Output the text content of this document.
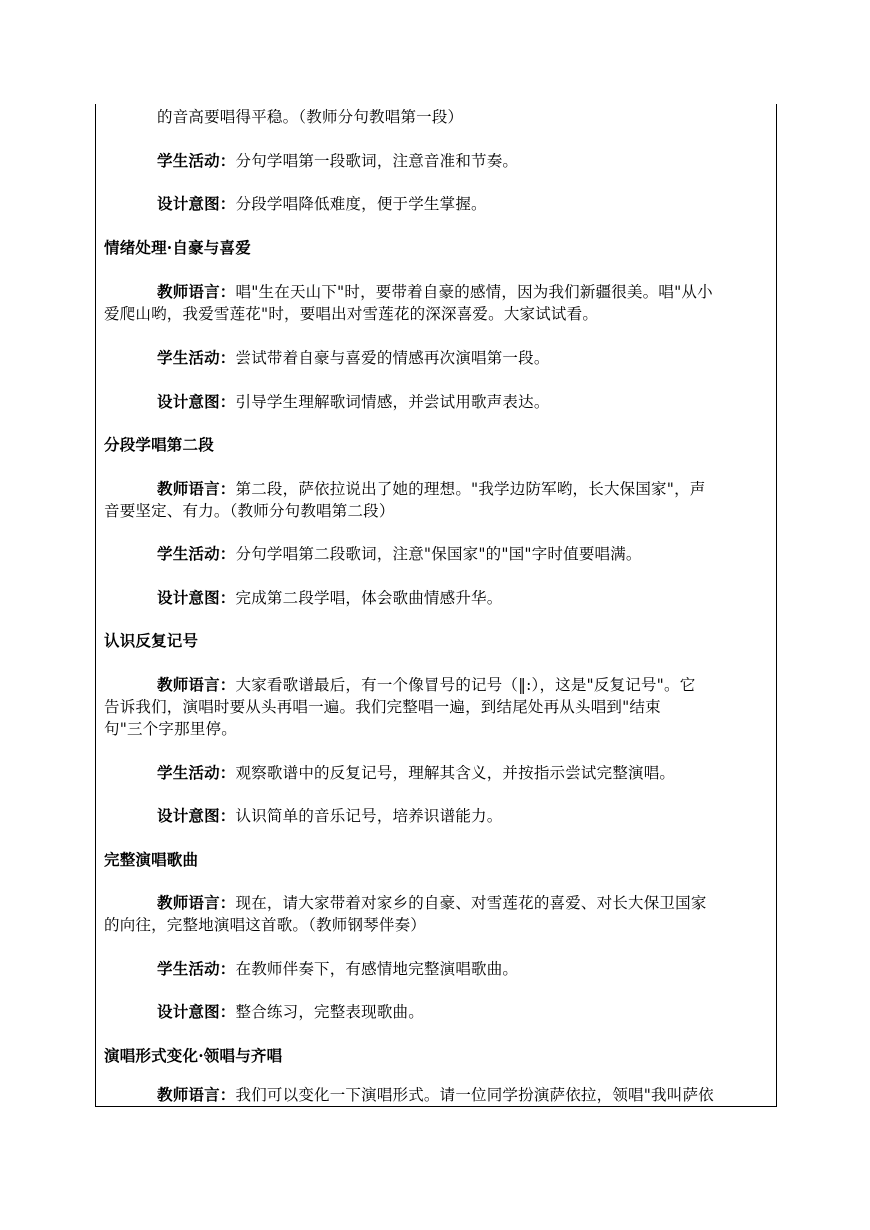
的音高要唱得平稳。（教师分句教唱第一段）
学生活动：分句学唱第一段歌词，注意音准和节奏。
设计意图：分段学唱降低难度，便于学生掌握。
情绪处理·自豪与喜爱
教师语言：唱"生在天山下"时，要带着自豪的感情，因为我们新疆很美。唱"从小
爱爬山哟，我爱雪莲花"时，要唱出对雪莲花的深深喜爱。大家试试看。
学生活动：尝试带着自豪与喜爱的情感再次演唱第一段。
设计意图：引导学生理解歌词情感，并尝试用歌声表达。
分段学唱第二段
教师语言：第二段，萨依拉说出了她的理想。"我学边防军哟，长大保国家"，声
音要坚定、有力。（教师分句教唱第二段）
学生活动：分句学唱第二段歌词，注意"保国家"的"国"字时值要唱满。
设计意图：完成第二段学唱，体会歌曲情感升华。
认识反复记号
教师语言：大家看歌谱最后，有一个像冒号的记号（‖:），这是"反复记号"。它
告诉我们，演唱时要从头再唱一遍。我们完整唱一遍，到结尾处再从头唱到"结束
句"三个字那里停。
学生活动：观察歌谱中的反复记号，理解其含义，并按指示尝试完整演唱。
设计意图：认识简单的音乐记号，培养识谱能力。
完整演唱歌曲
教师语言：现在，请大家带着对家乡的自豪、对雪莲花的喜爱、对长大保卫国家
的向往，完整地演唱这首歌。（教师钢琴伴奏）
学生活动：在教师伴奏下，有感情地完整演唱歌曲。
设计意图：整合练习，完整表现歌曲。
演唱形式变化·领唱与齐唱
教师语言：我们可以变化一下演唱形式。请一位同学扮演萨依拉，领唱"我叫萨依
